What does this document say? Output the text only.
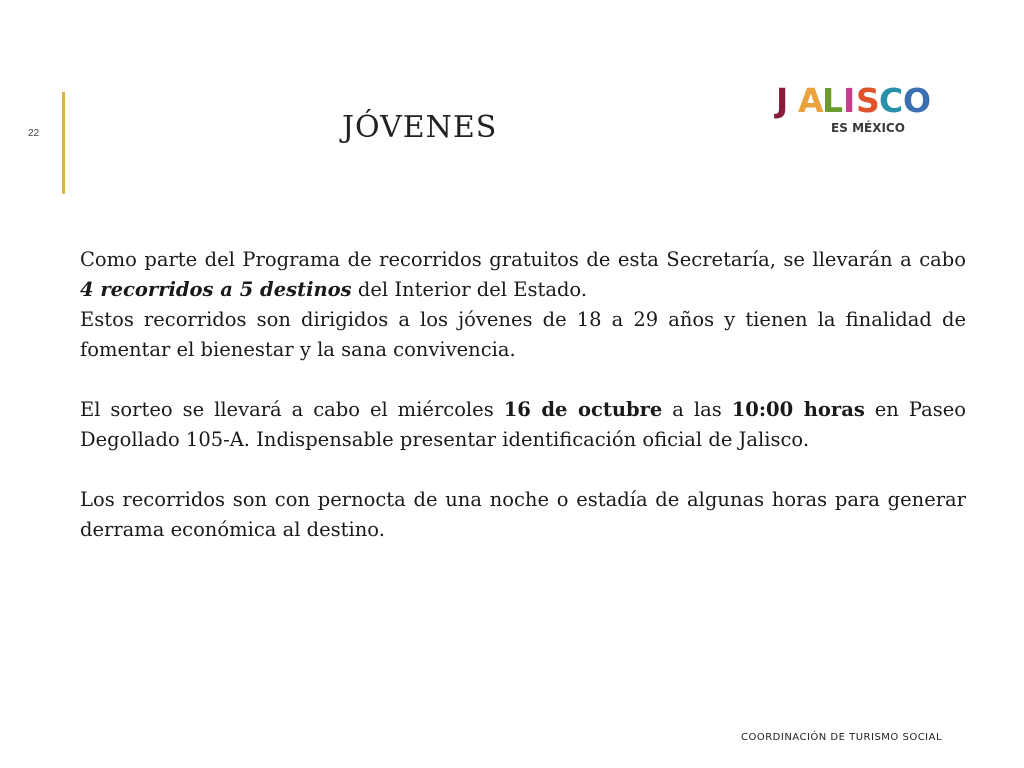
22	JÓVENES
J A
L I S C O
ES MÉXICO

Como parte del Programa de recorridos gratuitos de esta Secretaría, se llevarán a cabo 4 recorridos a 5 destinos del Interior del Estado.

Estos recorridos son dirigidos a los jóvenes de 18 a 29 años y tienen la finalidad de fomentar el bienestar y la sana convivencia.

El sorteo se llevará a cabo el miércoles 16 de octubre a las 10:00 horas en Paseo Degollado 105-A. Indispensable presentar identificación oficial de Jalisco.

Los recorridos son con pernocta de una noche o estadía de algunas horas para generar derrama económica al destino.

COORDINACIÓN DE TURISMO SOCIAL
